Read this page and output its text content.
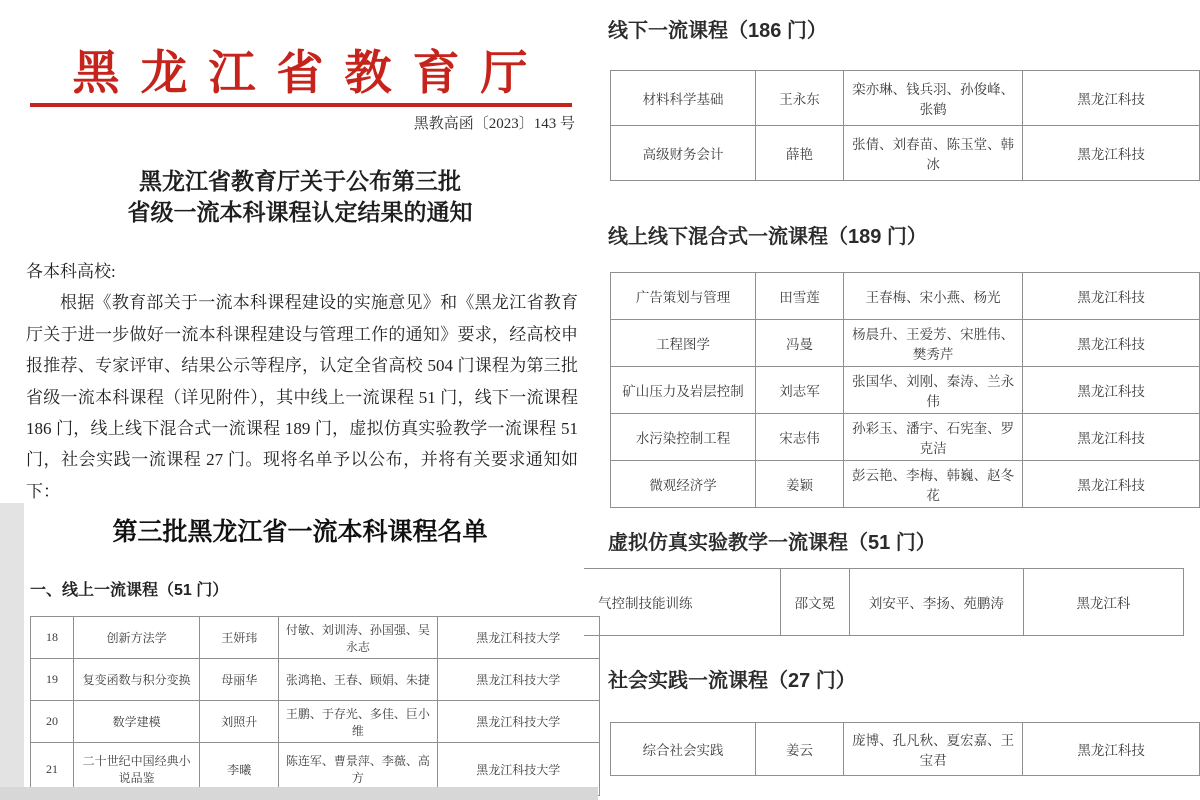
黑龙江省教育厅
黑教高函〔2023〕143 号
黑龙江省教育厅关于公布第三批
省级一流本科课程认定结果的通知

各本科高校:

根据《教育部关于一流本科课程建设的实施意见》和《黑龙江省教育厅关于进一步做好一流本科课程建设与管理工作的通知》要求，经高校申报推荐、专家评审、结果公示等程序，认定全省高校 504 门课程为第三批省级一流本科课程（详见附件），其中线上一流课程 51 门，线下一流课程 186 门，线上线下混合式一流课程 189 门，虚拟仿真实验教学一流课程 51 门，社会实践一流课程 27 门。现将名单予以公布，并将有关要求通知如下：

第三批黑龙江省一流本科课程名单
一、线上一流课程（51 门）
18	创新方法学	王妍玮	付敏、刘训涛、孙国强、吴永志	黑龙江科技大学
19	复变函数与积分变换	母丽华	张鸿艳、王春、顾娟、朱捷	黑龙江科技大学
20	数学建模	刘照升	王鹏、于存光、多佳、巨小维	黑龙江科技大学
21	二十世纪中国经典小说品鉴	李曦	陈连军、曹景萍、李薇、高方	黑龙江科技大学
线下一流课程（186 门）
材料科学基础	王永东	栾亦琳、钱兵羽、孙俊峰、张鹤	黑龙江科技
高级财务会计	薛艳	张倩、刘春苗、陈玉堂、韩冰	黑龙江科技
线上线下混合式一流课程（189 门）
广告策划与管理	田雪莲	王春梅、宋小燕、杨光	黑龙江科技
工程图学	冯曼	杨晨升、王爱芳、宋胜伟、樊秀芹	黑龙江科技
矿山压力及岩层控制	刘志军	张国华、刘刚、秦涛、兰永伟	黑龙江科技
水污染控制工程	宋志伟	孙彩玉、潘宇、石宪奎、罗克洁	黑龙江科技
微观经济学	姜颖	彭云艳、李梅、韩巍、赵冬花	黑龙江科技
虚拟仿真实验教学一流课程（51 门）
气控制技能训练	邵文冕	刘安平、李扬、苑鹏涛	黑龙江科
社会实践一流课程（27 门）
综合社会实践	姜云	庞博、孔凡秋、夏宏嘉、王宝君	黑龙江科技
